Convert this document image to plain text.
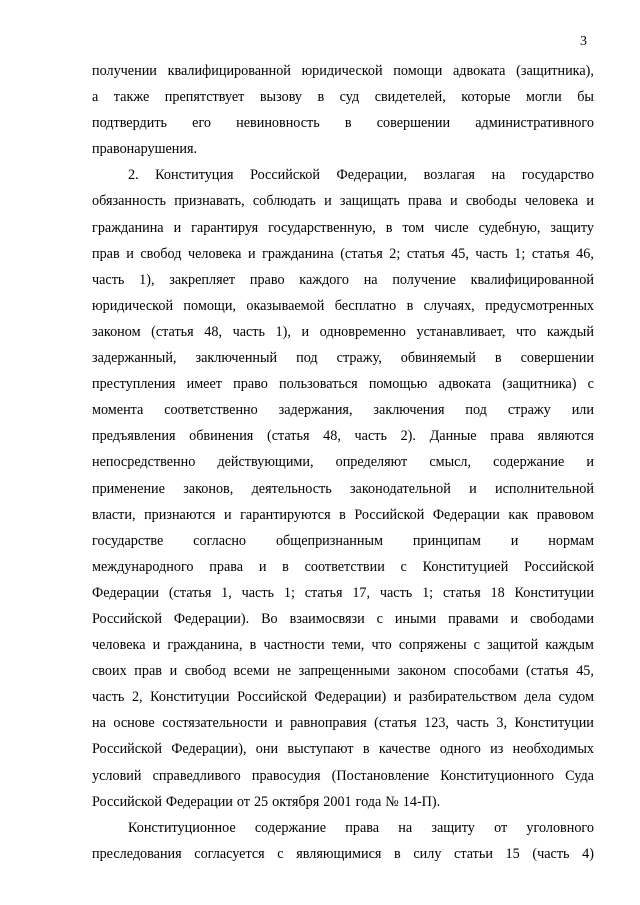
3
получении квалифицированной юридической помощи адвоката (защитника),
а также препятствует вызову в суд свидетелей, которые могли бы
подтвердить его невиновность в совершении административного
правонарушения.
2. Конституция Российской Федерации, возлагая на государство
обязанность признавать, соблюдать и защищать права и свободы человека и
гражданина и гарантируя государственную, в том числе судебную, защиту
прав и свобод человека и гражданина (статья 2; статья 45, часть 1; статья 46,
часть 1), закрепляет право каждого на получение квалифицированной
юридической помощи, оказываемой бесплатно в случаях, предусмотренных
законом (статья 48, часть 1), и одновременно устанавливает, что каждый
задержанный, заключенный под стражу, обвиняемый в совершении
преступления имеет право пользоваться помощью адвоката (защитника) с
момента соответственно задержания, заключения под стражу или
предъявления обвинения (статья 48, часть 2). Данные права являются
непосредственно действующими, определяют смысл, содержание и
применение законов, деятельность законодательной и исполнительной
власти, признаются и гарантируются в Российской Федерации как правовом
государстве согласно общепризнанным принципам и нормам
международного права и в соответствии с Конституцией Российской
Федерации (статья 1, часть 1; статья 17, часть 1; статья 18 Конституции
Российской Федерации). Во взаимосвязи с иными правами и свободами
человека и гражданина, в частности теми, что сопряжены с защитой каждым
своих прав и свобод всеми не запрещенными законом способами (статья 45,
часть 2, Конституции Российской Федерации) и разбирательством дела судом
на основе состязательности и равноправия (статья 123, часть 3, Конституции
Российской Федерации), они выступают в качестве одного из необходимых
условий справедливого правосудия (Постановление Конституционного Суда
Российской Федерации от 25 октября 2001 года № 14-П).
Конституционное содержание права на защиту от уголовного
преследования согласуется с являющимися в силу статьи 15 (часть 4)
